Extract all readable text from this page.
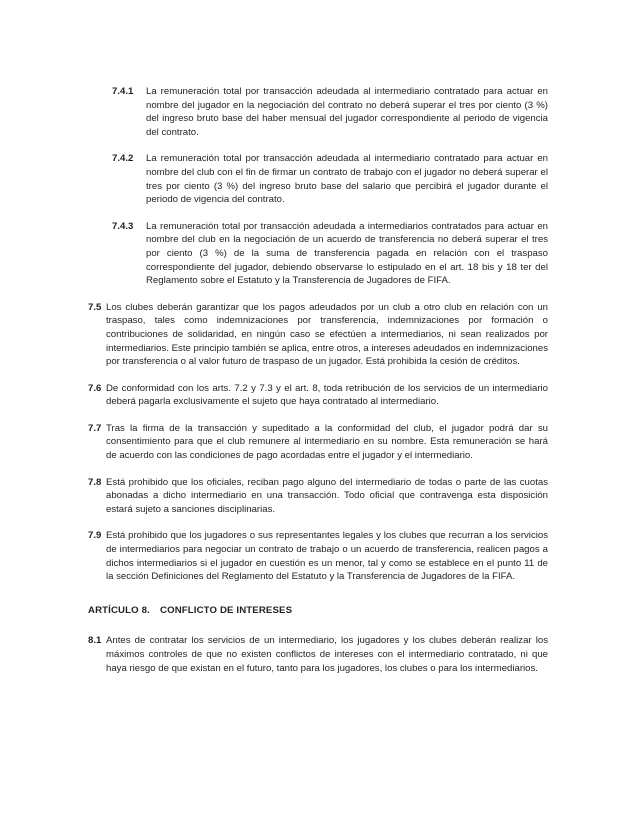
7.4.1	La remuneración total por transacción adeudada al intermediario contratado para actuar en nombre del jugador en la negociación del contrato no deberá superar el tres por ciento (3 %) del ingreso bruto base del haber mensual del jugador correspondiente al periodo de vigencia del contrato.
7.4.2	La remuneración total por transacción adeudada al intermediario contratado para actuar en nombre del club con el fin de firmar un contrato de trabajo con el jugador no deberá superar el tres por ciento (3 %) del ingreso bruto base del salario que percibirá el jugador durante el periodo de vigencia del contrato.
7.4.3	La remuneración total por transacción adeudada a intermediarios contratados para actuar en nombre del club en la negociación de un acuerdo de transferencia no deberá superar el tres por ciento (3 %) de la suma de transferencia pagada en relación con el traspaso correspondiente del jugador, debiendo observarse lo estipulado en el art. 18 bis y 18 ter del Reglamento sobre el Estatuto y la Transferencia de Jugadores de FIFA.
7.5 Los clubes deberán garantizar que los pagos adeudados por un club a otro club en relación con un traspaso, tales como indemnizaciones por transferencia, indemnizaciones por formación o contribuciones de solidaridad, en ningún caso se efectúen a intermediarios, ni sean realizados por intermediarios. Este principio también se aplica, entre otros, a intereses adeudados en indemnizaciones por transferencia o al valor futuro de traspaso de un jugador. Está prohibida la cesión de créditos.
7.6 De conformidad con los arts. 7.2 y 7.3 y el art. 8, toda retribución de los servicios de un intermediario deberá pagarla exclusivamente el sujeto que haya contratado al intermediario.
7.7 Tras la firma de la transacción y supeditado a la conformidad del club, el jugador podrá dar su consentimiento para que el club remunere al intermediario en su nombre. Esta remuneración se hará de acuerdo con las condiciones de pago acordadas entre el jugador y el intermediario.
7.8 Está prohibido que los oficiales, reciban pago alguno del intermediario de todas o parte de las cuotas abonadas a dicho intermediario en una transacción. Todo oficial que contravenga esta disposición estará sujeto a sanciones disciplinarias.
7.9 Está prohibido que los jugadores o sus representantes legales y los clubes que recurran a los servicios de intermediarios para negociar un contrato de trabajo o un acuerdo de transferencia, realicen pagos a dichos intermediarios si el jugador en cuestión es un menor, tal y como se establece en el punto 11 de la sección Definiciones del Reglamento del Estatuto y la Transferencia de Jugadores de la FIFA.
ARTÍCULO 8.	CONFLICTO DE INTERESES
8.1 Antes de contratar los servicios de un intermediario, los jugadores y los clubes deberán realizar los máximos controles de que no existen conflictos de intereses con el intermediario contratado, ni que haya riesgo de que existan en el futuro, tanto para los jugadores, los clubes o para los intermediarios.
